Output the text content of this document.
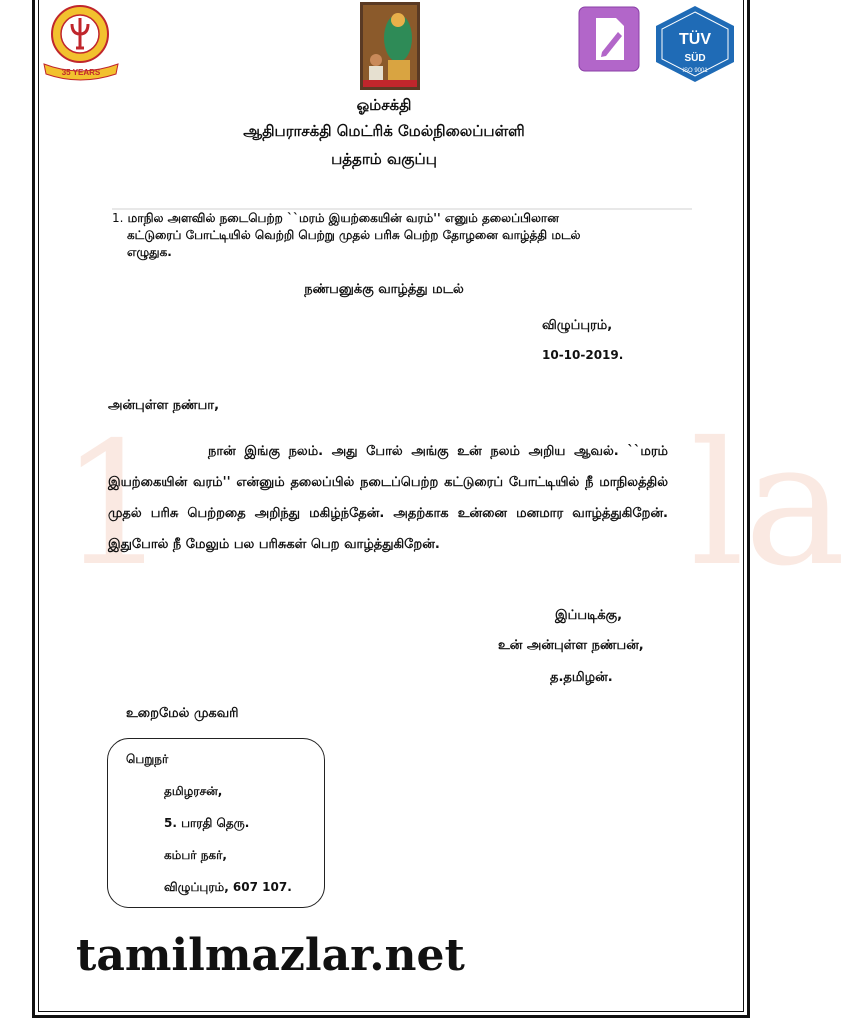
1	la
35 YEARS
TÜV
SÜD
ISO 9001
ஓம்சக்தி
ஆதிபராசக்தி மெட்ரிக் மேல்நிலைப்பள்ளி
பத்தாம் வகுப்பு
1. மாநில அளவில் நடைபெற்ற ``மரம் இயற்கையின் வரம்'' எனும் தலைப்பிலான
கட்டுரைப் போட்டியில் வெற்றி பெற்று முதல் பரிசு பெற்ற தோழனை வாழ்த்தி மடல்
எழுதுக.
நண்பனுக்கு வாழ்த்து மடல்
விழுப்புரம்,
10-10-2019.
அன்புள்ள நண்பா,
நான் இங்கு நலம். அது போல் அங்கு உன் நலம் அறிய ஆவல். ``மரம் இயற்கையின் வரம்'' என்னும் தலைப்பில் நடைப்பெற்ற கட்டுரைப் போட்டியில் நீ மாநிலத்தில் முதல் பரிசு பெற்றதை அறிந்து மகிழ்ந்தேன். அதற்காக உன்னை மனமார வாழ்த்துகிறேன். இதுபோல் நீ மேலும் பல பரிசுகள் பெற வாழ்த்துகிறேன்.
இப்படிக்கு,
உன் அன்புள்ள நண்பன்,
த.தமிழன்.
உறைமேல் முகவரி
பெறுநர்
தமிழரசன்,
5. பாரதி தெரு.
கம்பர் நகர்,
விழுப்புரம், 607 107.
tamilmazlar.net
